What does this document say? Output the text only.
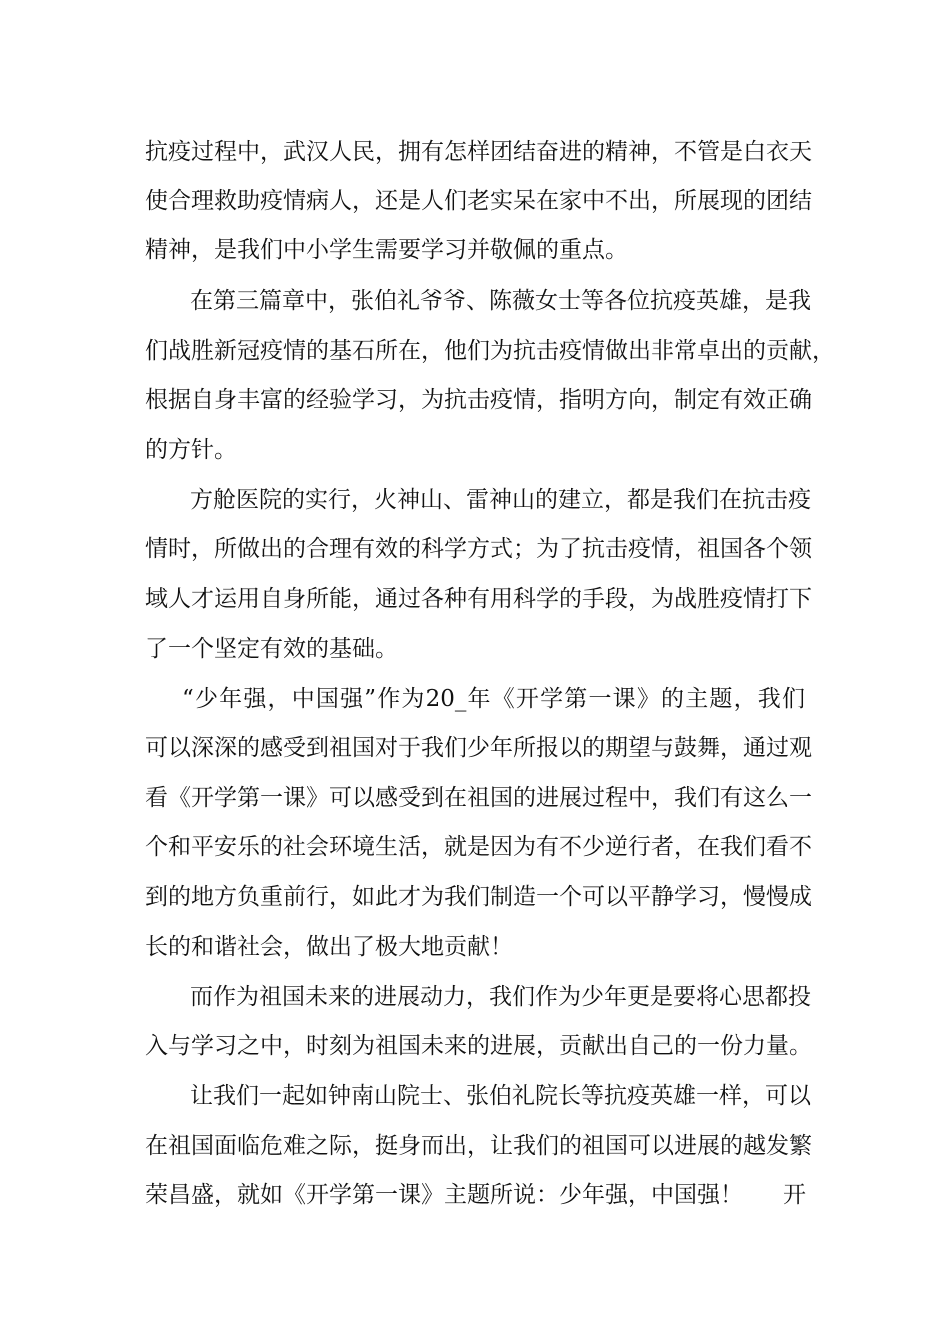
抗疫过程中，武汉人民，拥有怎样团结奋进的精神，不管是白衣天
使合理救助疫情病人，还是人们老实呆在家中不出，所展现的团结
精神，是我们中小学生需要学习并敬佩的重点。
在第三篇章中，张伯礼爷爷、陈薇女士等各位抗疫英雄，是我
们战胜新冠疫情的基石所在，他们为抗击疫情做出非常卓出的贡献，
根据自身丰富的经验学习，为抗击疫情，指明方向，制定有效正确
的方针。
方舱医院的实行，火神山、雷神山的建立，都是我们在抗击疫
情时，所做出的合理有效的科学方式；为了抗击疫情，祖国各个领
域人才运用自身所能，通过各种有用科学的手段，为战胜疫情打下
了一个坚定有效的基础。
“少年强，中国强”作为20_年《开学第一课》的主题，我们
可以深深的感受到祖国对于我们少年所报以的期望与鼓舞，通过观
看《开学第一课》可以感受到在祖国的进展过程中，我们有这么一
个和平安乐的社会环境生活，就是因为有不少逆行者，在我们看不
到的地方负重前行，如此才为我们制造一个可以平静学习，慢慢成
长的和谐社会，做出了极大地贡献！
而作为祖国未来的进展动力，我们作为少年更是要将心思都投
入与学习之中，时刻为祖国未来的进展，贡献出自己的一份力量。
让我们一起如钟南山院士、张伯礼院长等抗疫英雄一样，可以
在祖国面临危难之际，挺身而出，让我们的祖国可以进展的越发繁
荣昌盛，就如《开学第一课》主题所说：少年强，中国强！	开
